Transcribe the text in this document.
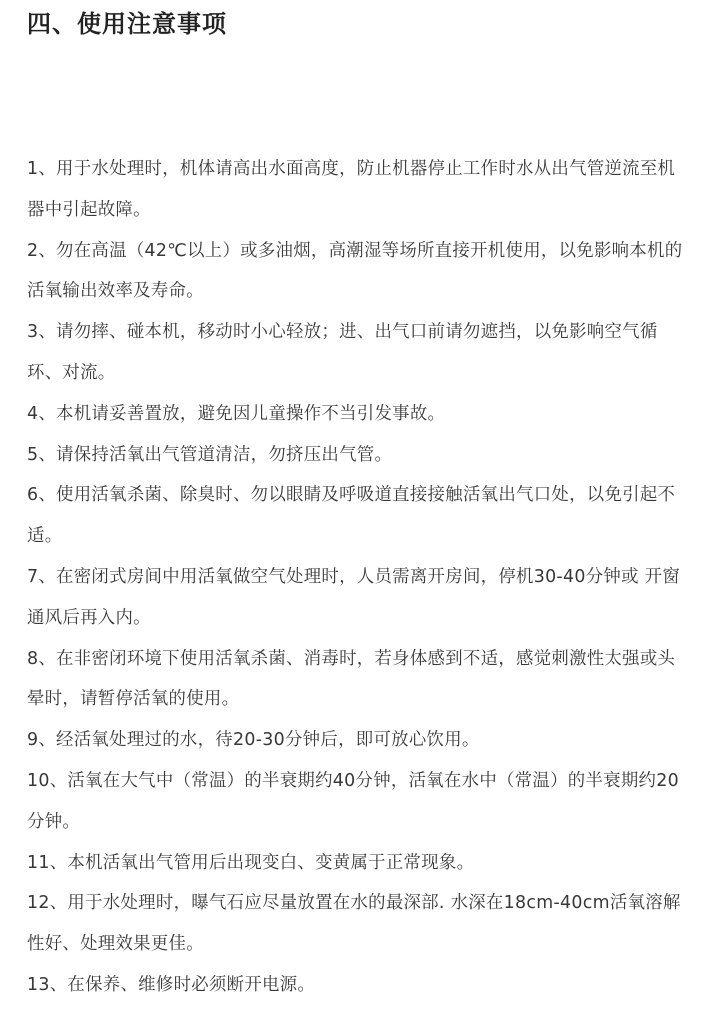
四、使用注意事项
1、用于水处理时，机体请高出水面高度，防止机器停止工作时水从出气管逆流至机器中引起故障。
2、勿在高温（42℃以上）或多油烟，高潮湿等场所直接开机使用，以免影响本机的活氧输出效率及寿命。
3、请勿摔、碰本机，移动时小心轻放；进、出气口前请勿遮挡，以免影响空气循环、对流。
4、本机请妥善置放，避免因儿童操作不当引发事故。
5、请保持活氧出气管道清洁，勿挤压出气管。
6、使用活氧杀菌、除臭时、勿以眼睛及呼吸道直接接触活氧出气口处，以免引起不适。
7、在密闭式房间中用活氧做空气处理时，人员需离开房间，停机30-40分钟或 开窗通风后再入内。
8、在非密闭环境下使用活氧杀菌、消毒时，若身体感到不适，感觉刺激性太强或头晕时，请暂停活氧的使用。
9、经活氧处理过的水，待20-30分钟后，即可放心饮用。
10、活氧在大气中（常温）的半衰期约40分钟，活氧在水中（常温）的半衰期约20分钟。
11、本机活氧出气管用后出现变白、变黄属于正常现象。
12、用于水处理时，曝气石应尽量放置在水的最深部. 水深在18cm-40cm活氧溶解性好、处理效果更佳。
13、在保养、维修时必须断开电源。
